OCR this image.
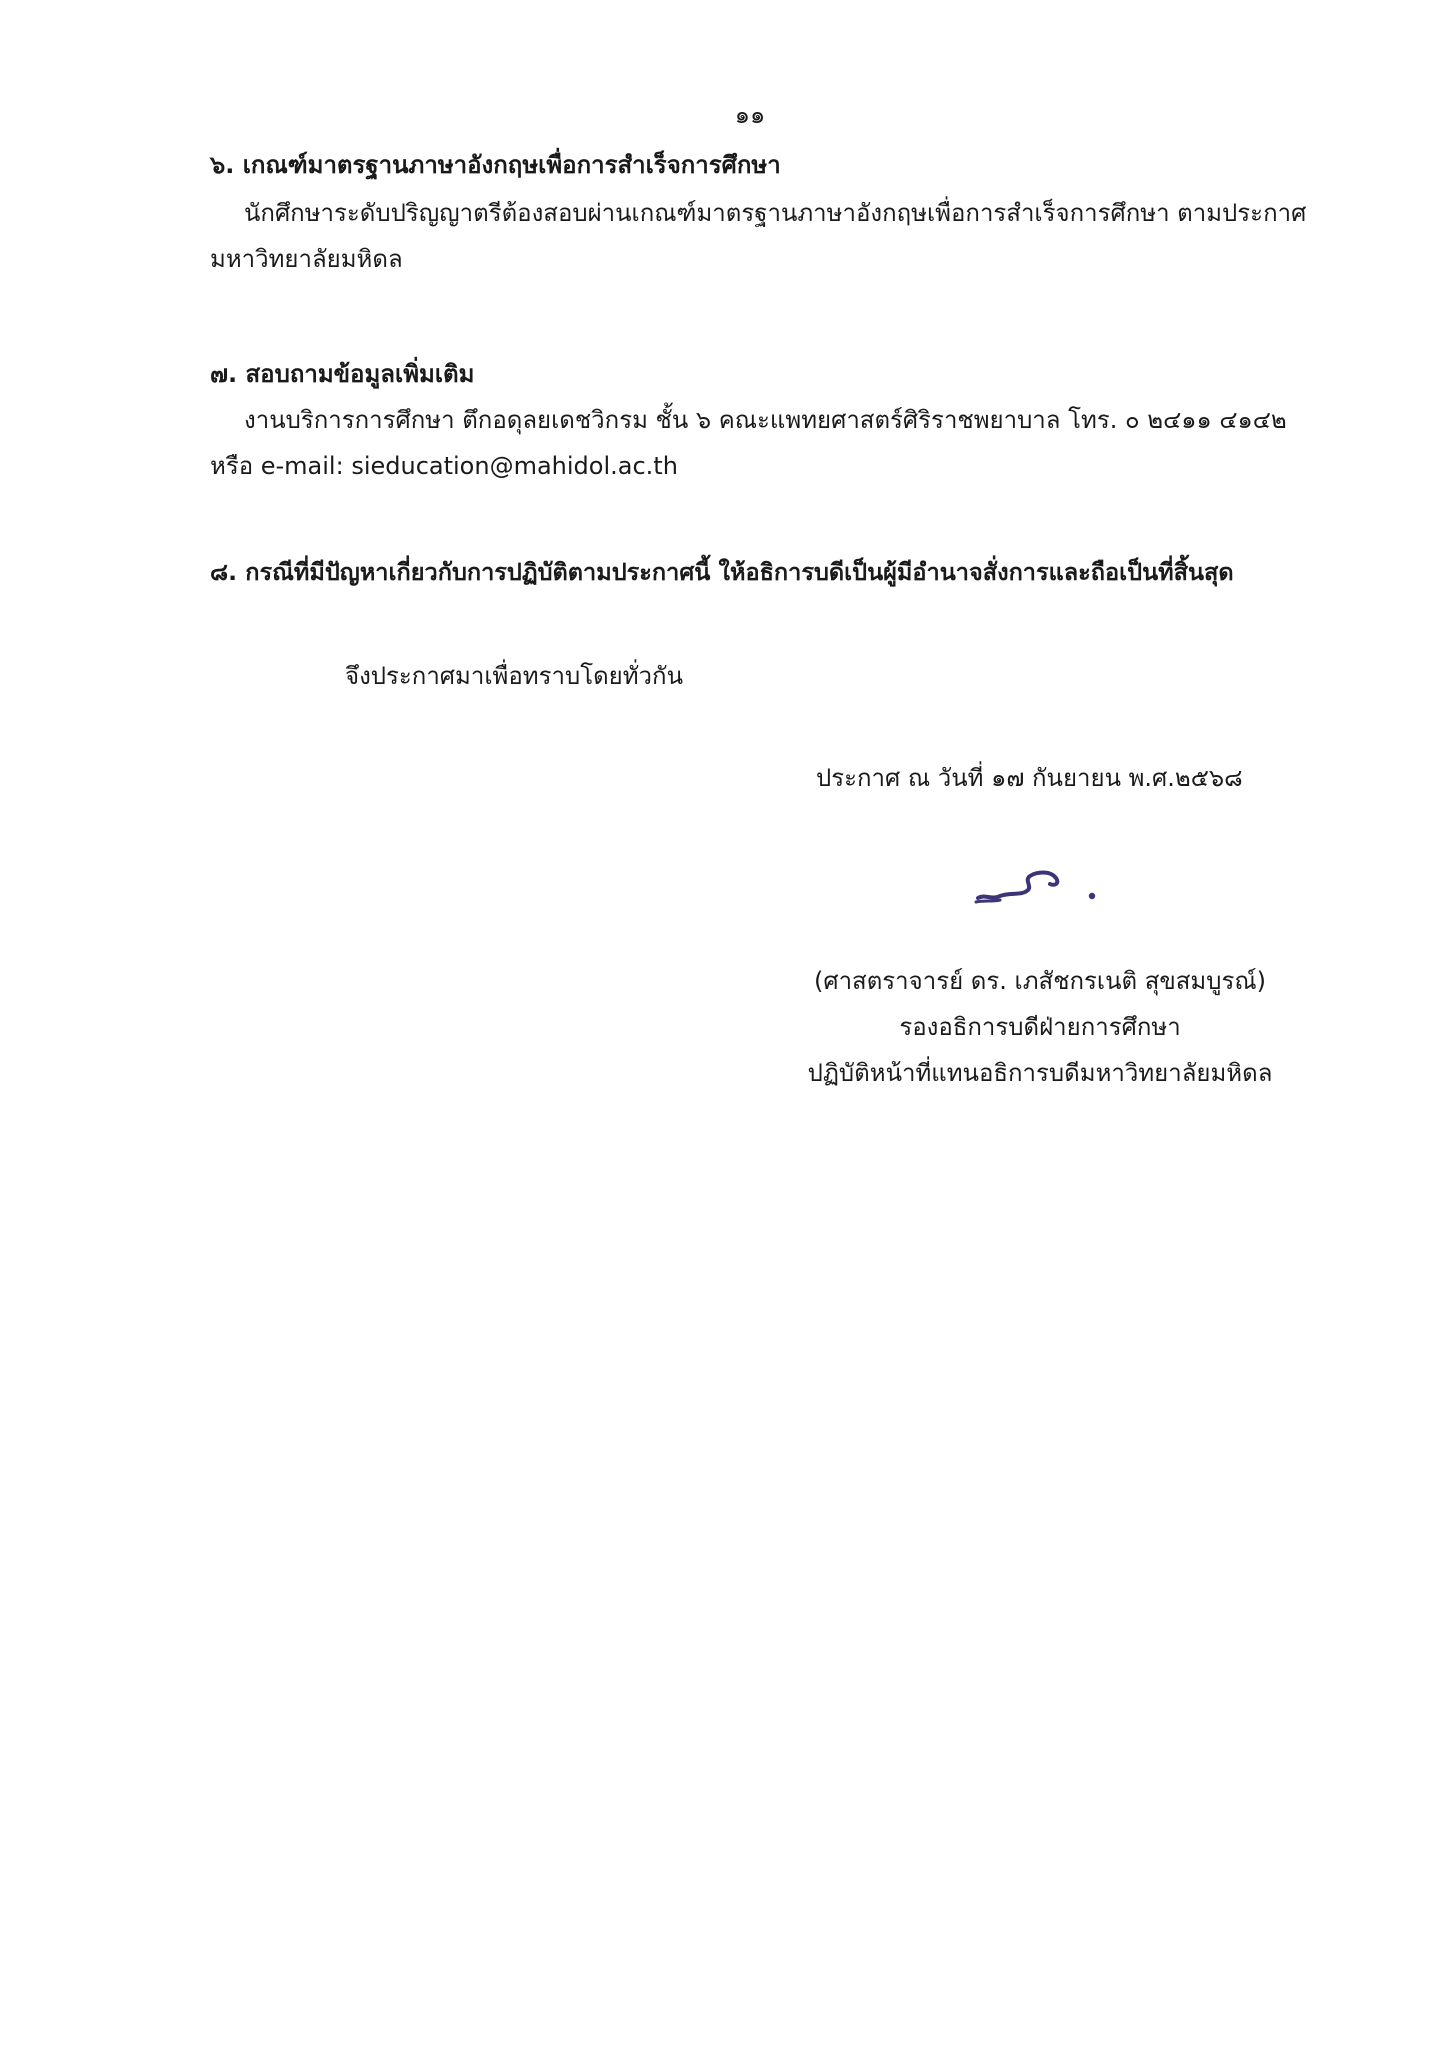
๑๑
๖. เกณฑ์มาตรฐานภาษาอังกฤษเพื่อการสำเร็จการศึกษา
นักศึกษาระดับปริญญาตรีต้องสอบผ่านเกณฑ์มาตรฐานภาษาอังกฤษเพื่อการสำเร็จการศึกษา ตามประกาศ
มหาวิทยาลัยมหิดล
๗. สอบถามข้อมูลเพิ่มเติม
งานบริการการศึกษา ตึกอดุลยเดชวิกรม ชั้น ๖ คณะแพทยศาสตร์ศิริราชพยาบาล โทร. ๐ ๒๔๑๑ ๔๑๔๒
หรือ e-mail: sieducation@mahidol.ac.th
๘. กรณีที่มีปัญหาเกี่ยวกับการปฏิบัติตามประกาศนี้ ให้อธิการบดีเป็นผู้มีอำนาจสั่งการและถือเป็นที่สิ้นสุด
จึงประกาศมาเพื่อทราบโดยทั่วกัน
ประกาศ ณ วันที่ ๑๗ กันยายน พ.ศ.๒๕๖๘
(ศาสตราจารย์ ดร. เภสัชกรเนติ สุขสมบูรณ์)
รองอธิการบดีฝ่ายการศึกษา
ปฏิบัติหน้าที่แทนอธิการบดีมหาวิทยาลัยมหิดล
